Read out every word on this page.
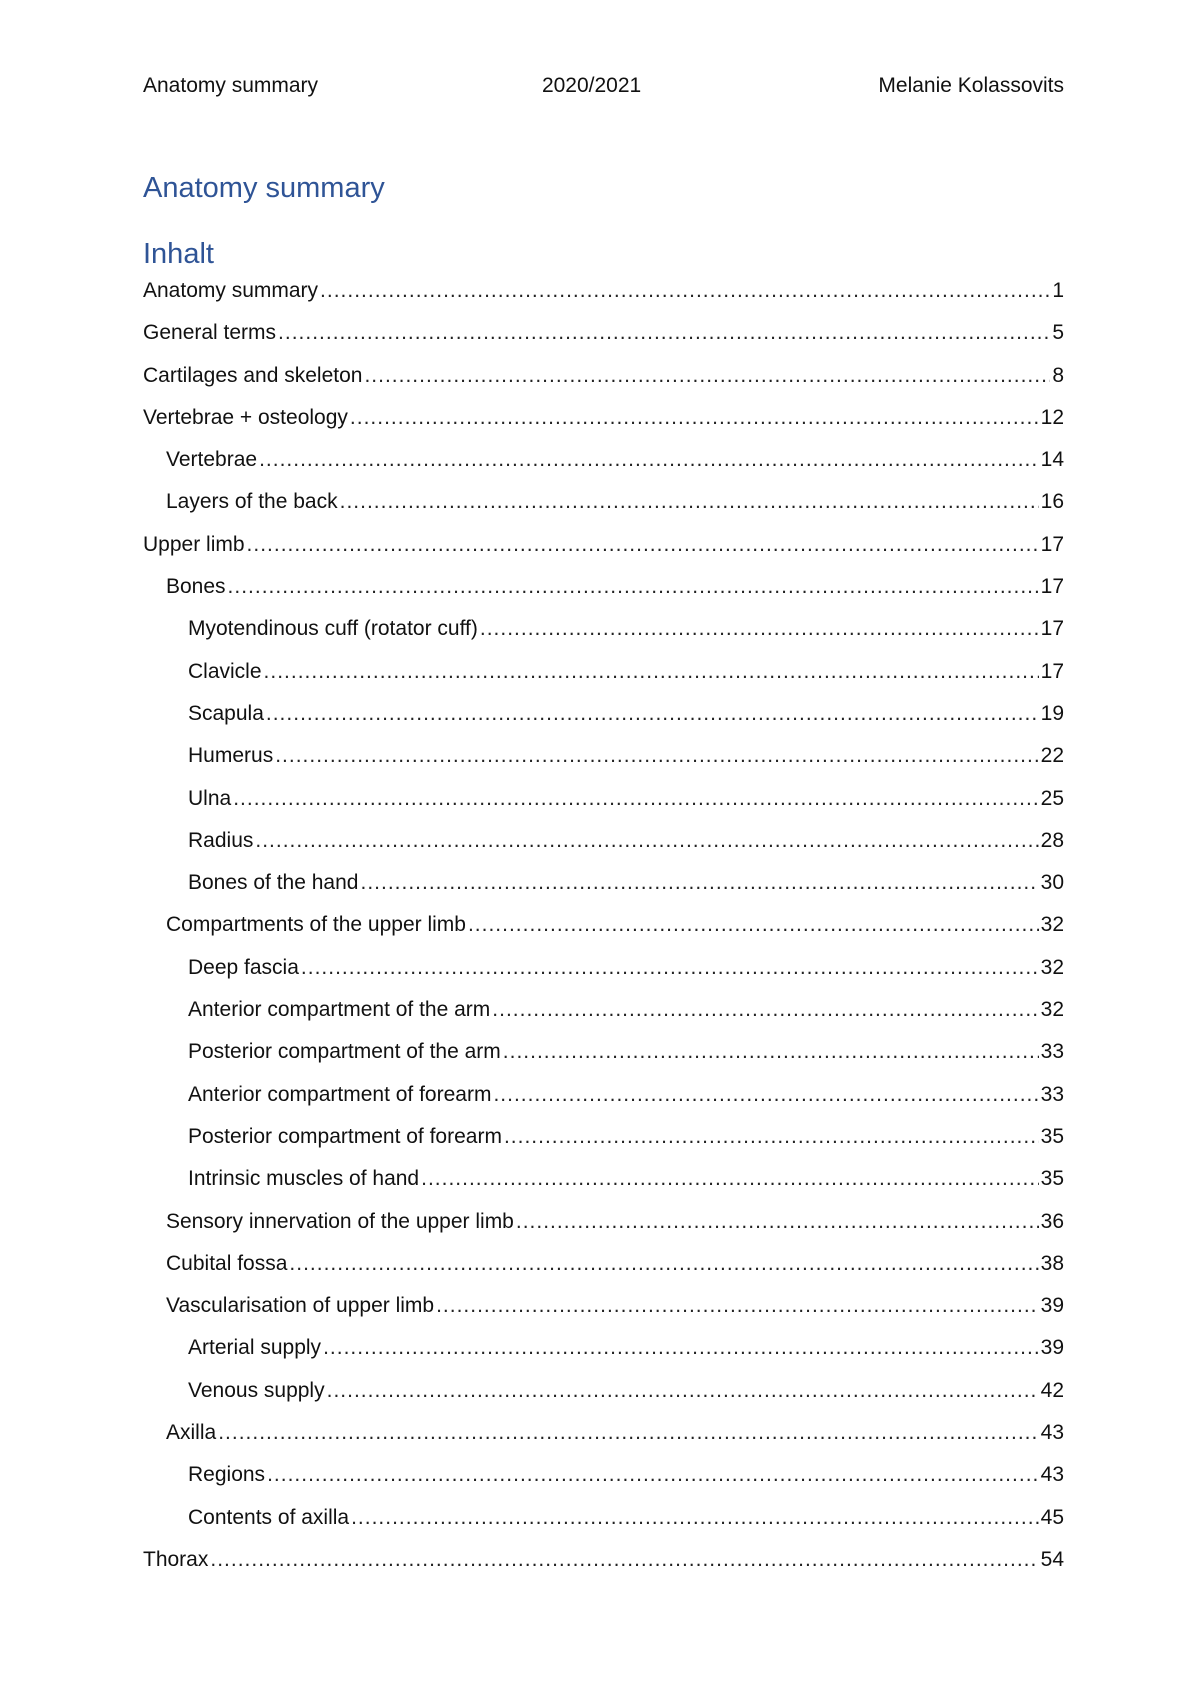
Anatomy summary	2020/2021	Melanie Kolassovits
Anatomy summary
Inhalt
Anatomy summary .....	1
General terms .....	5
Cartilages and skeleton .....	8
Vertebrae + osteology .....	12
Vertebrae .....	14
Layers of the back .....	16
Upper limb .....	17
Bones .....	17
Myotendinous cuff (rotator cuff) .....	17
Clavicle .....	17
Scapula .....	19
Humerus .....	22
Ulna .....	25
Radius .....	28
Bones of the hand .....	30
Compartments of the upper limb .....	32
Deep fascia .....	32
Anterior compartment of the arm .....	32
Posterior compartment of the arm .....	33
Anterior compartment of forearm .....	33
Posterior compartment of forearm .....	35
Intrinsic muscles of hand .....	35
Sensory innervation of the upper limb .....	36
Cubital fossa .....	38
Vascularisation of upper limb .....	39
Arterial supply .....	39
Venous supply .....	42
Axilla .....	43
Regions .....	43
Contents of axilla .....	45
Thorax .....	54
